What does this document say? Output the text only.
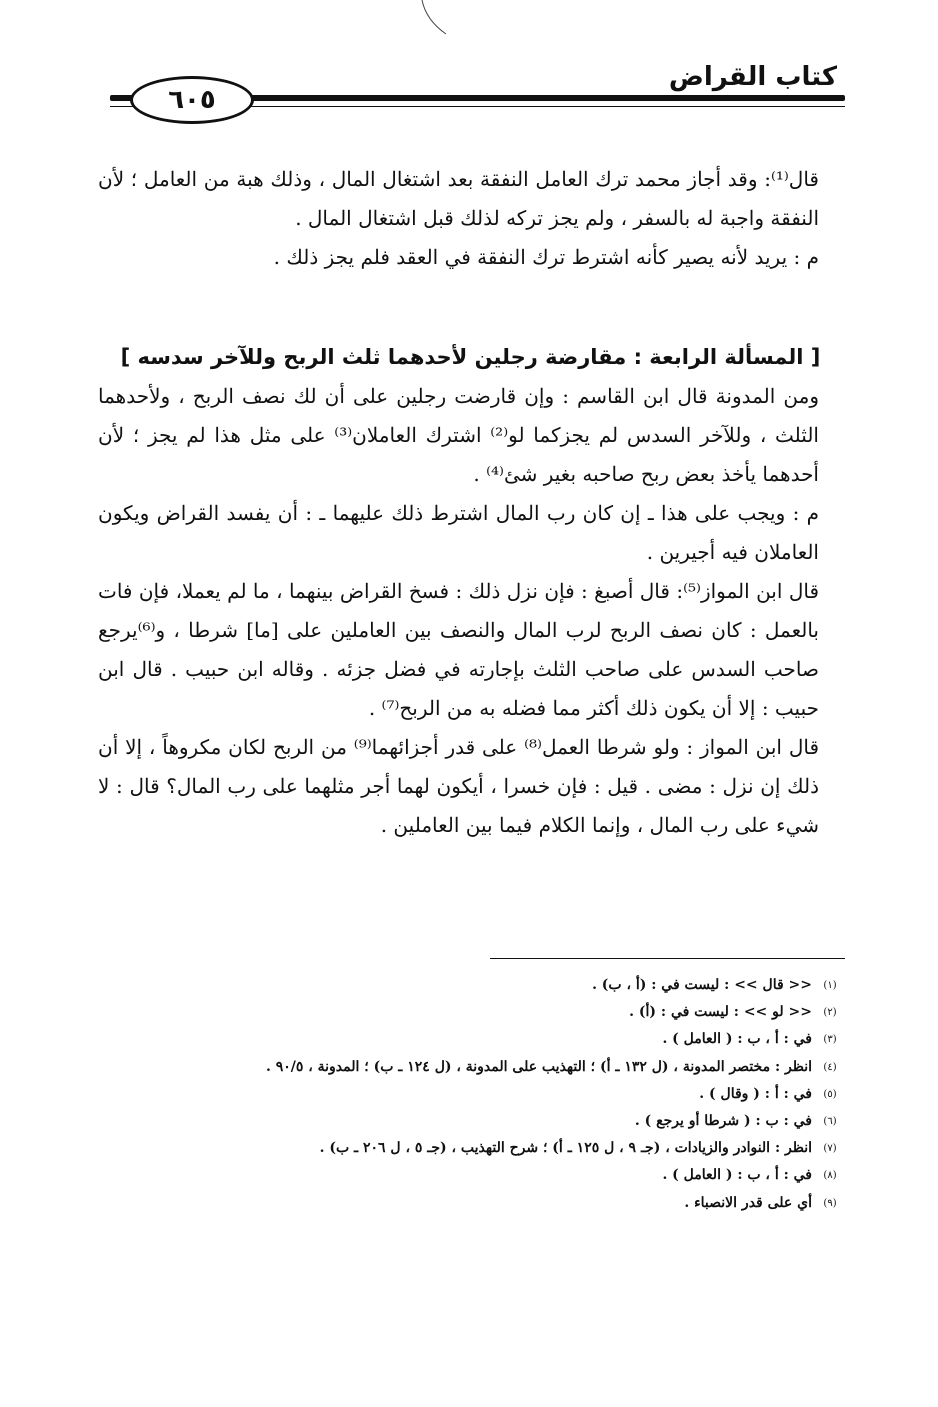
٦٠٥
كتاب القراض

قال⁽¹⁾: وقد أجاز محمد ترك العامل النفقة بعد اشتغال المال ، وذلك هبة من العامل ؛ لأن النفقة واجبة له بالسفر ، ولم يجز تركه لذلك قبل اشتغال المال .

م : يريد لأنه يصير كأنه اشترط ترك النفقة في العقد فلم يجز ذلك .

[ المسألة الرابعة : مقارضة رجلين لأحدهما ثلث الربح وللآخر سدسه ]

ومن المدونة قال ابن القاسم : وإن قارضت رجلين على أن لك نصف الربح ، ولأحدهما الثلث ، وللآخر السدس لم يجزكما لو⁽²⁾ اشترك العاملان⁽³⁾ على مثل هذا لم يجز ؛ لأن أحدهما يأخذ بعض ربح صاحبه بغير شئ⁽⁴⁾ .

م : ويجب على هذا ـ إن كان رب المال اشترط ذلك عليهما ـ : أن يفسد القراض ويكون العاملان فيه أجيرين .

قال ابن المواز⁽⁵⁾: قال أصبغ : فإن نزل ذلك : فسخ القراض بينهما ، ما لم يعملا، فإن فات بالعمل : كان نصف الربح لرب المال والنصف بين العاملين على [ما] شرطا ، و⁽⁶⁾يرجع صاحب السدس على صاحب الثلث بإجارته في فضل جزئه . وقاله ابن حبيب . قال ابن حبيب : إلا أن يكون ذلك أكثر مما فضله به من الربح⁽⁷⁾ .

قال ابن المواز : ولو شرطا العمل⁽⁸⁾ على قدر أجزائهما⁽⁹⁾ من الربح لكان مكروهاً ، إلا أن ذلك إن نزل : مضى . قيل : فإن خسرا ، أيكون لهما أجر مثلهما على رب المال؟ قال : لا شيء على رب المال ، وإنما الكلام فيما بين العاملين .

(١)
<< قال >> : ليست في : (أ ، ب) .
(٢)
<< لو >> : ليست في : (أ) .
(٣)
في : أ ، ب : ( العامل ) .
(٤)
انظر : مختصر المدونة ، (ل ١٣٢ ـ أ) ؛ التهذيب على المدونة ، (ل ١٢٤ ـ ب) ؛ المدونة ، ٩٠/٥ .
(٥)
في : أ : ( وقال ) .
(٦)
في : ب : ( شرطا أو يرجع ) .
(٧)
انظر : النوادر والزيادات ، (جـ ٩ ، ل ١٢٥ ـ أ) ؛ شرح التهذيب ، (جـ ٥ ، ل ٢٠٦ ـ ب) .
(٨)
في : أ ، ب : ( العامل ) .
(٩)
أي على قدر الانصباء .
